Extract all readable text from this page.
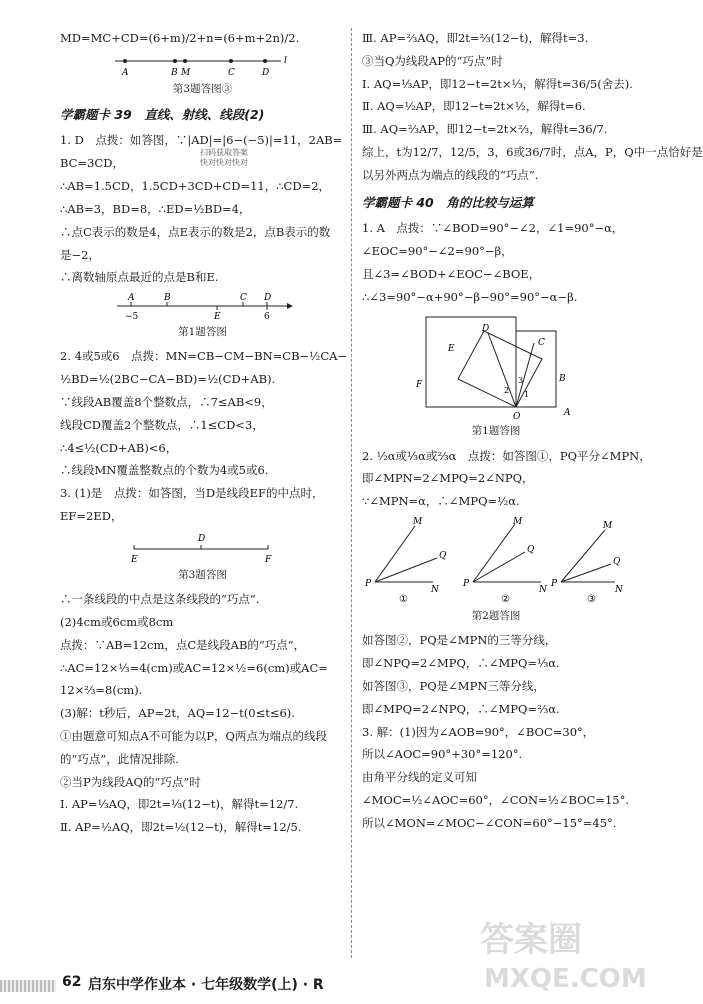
MD=MC+CD=(6+m)/2+n=(6+m+2n)/2.

A	B M	C	D
l

第3题答图③

学霸题卡 39　直线、射线、线段(2)

1. D　点拨：如答图，∵|AD|=|6−(−5)|=11，2AB=

BC=3CD，

∴AB=1.5CD，1.5CD+3CD+CD=11，∴CD=2，

∴AB=3，BD=8，∴ED=½BD=4，

∴点C表示的数是4，点E表示的数是2，点B表示的数

是−2，

∴离数轴原点最近的点是B和E.

A	B	C D
−5	E	6

第1题答图

2. 4或5或6　点拨：MN=CB−CM−BN=CB−½CA−

½BD=½(2BC−CA−BD)=½(CD+AB).

∵线段AB覆盖8个整数点，∴7≤AB<9，

线段CD覆盖2个整数点，∴1≤CD<3，

∴4≤½(CD+AB)<6，

∴线段MN覆盖整数点的个数为4或5或6.

3. (1)是　点拨：如答图，当D是线段EF的中点时，

EF=2ED，

D
E	F

第3题答图

∴一条线段的中点是这条线段的“巧点”.

(2)4cm或6cm或8cm

点拨：∵AB=12cm，点C是线段AB的“巧点”，

∴AC=12×⅓=4(cm)或AC=12×½=6(cm)或AC=

12×⅔=8(cm).

(3)解：t秒后，AP=2t，AQ=12−t(0≤t≤6).

①由题意可知点A不可能为以P，Q两点为端点的线段

的“巧点”，此情况排除.

②当P为线段AQ的“巧点”时

Ⅰ. AP=⅓AQ，即2t=⅓(12−t)，解得t=12/7.

Ⅱ. AP=½AQ，即2t=½(12−t)，解得t=12/5.

扫码获取答案
快对快对快对

Ⅲ. AP=⅔AQ，即2t=⅔(12−t)，解得t=3.

③当Q为线段AP的“巧点”时

Ⅰ. AQ=⅓AP，即12−t=2t×⅓，解得t=36/5(舍去).

Ⅱ. AQ=½AP，即12−t=2t×½，解得t=6.

Ⅲ. AQ=⅔AP，即12−t=2t×⅔，解得t=36/7.

综上，t为12/7，12/5，3，6或36/7时，点A，P，Q中一点恰好是

以另外两点为端点的线段的“巧点”.

学霸题卡 40　角的比较与运算

1. A　点拨：∵∠BOD=90°−∠2，∠1=90°−α，

∠EOC=90°−∠2=90°−β，

且∠3=∠BOD+∠EOC−∠BOE，

∴∠3=90°−α+90°−β−90°=90°−α−β.

D
C
E
B
F	3
2 1
O	A

第1题答图

2. ½α或⅓α或⅔α　点拨：如答图①，PQ平分∠MPN，

即∠MPN=2∠MPQ=2∠NPQ，

∵∠MPN=α，∴∠MPQ=½α.

M
Q
P
N
①
M
Q
P
N
②
M
Q
P
N
③

第2题答图

如答图②，PQ是∠MPN的三等分线，

即∠NPQ=2∠MPQ，∴∠MPQ=⅓α.

如答图③，PQ是∠MPN三等分线，

即∠MPQ=2∠NPQ，∴∠MPQ=⅔α.

3. 解：(1)因为∠AOB=90°，∠BOC=30°，

所以∠AOC=90°+30°=120°.

由角平分线的定义可知

∠MOC=½∠AOC=60°，∠CON=½∠BOC=15°.

所以∠MON=∠MOC−∠CON=60°−15°=45°.

答案圈
MXQE.COM
62 启东中学作业本 · 七年级数学(上) · R
